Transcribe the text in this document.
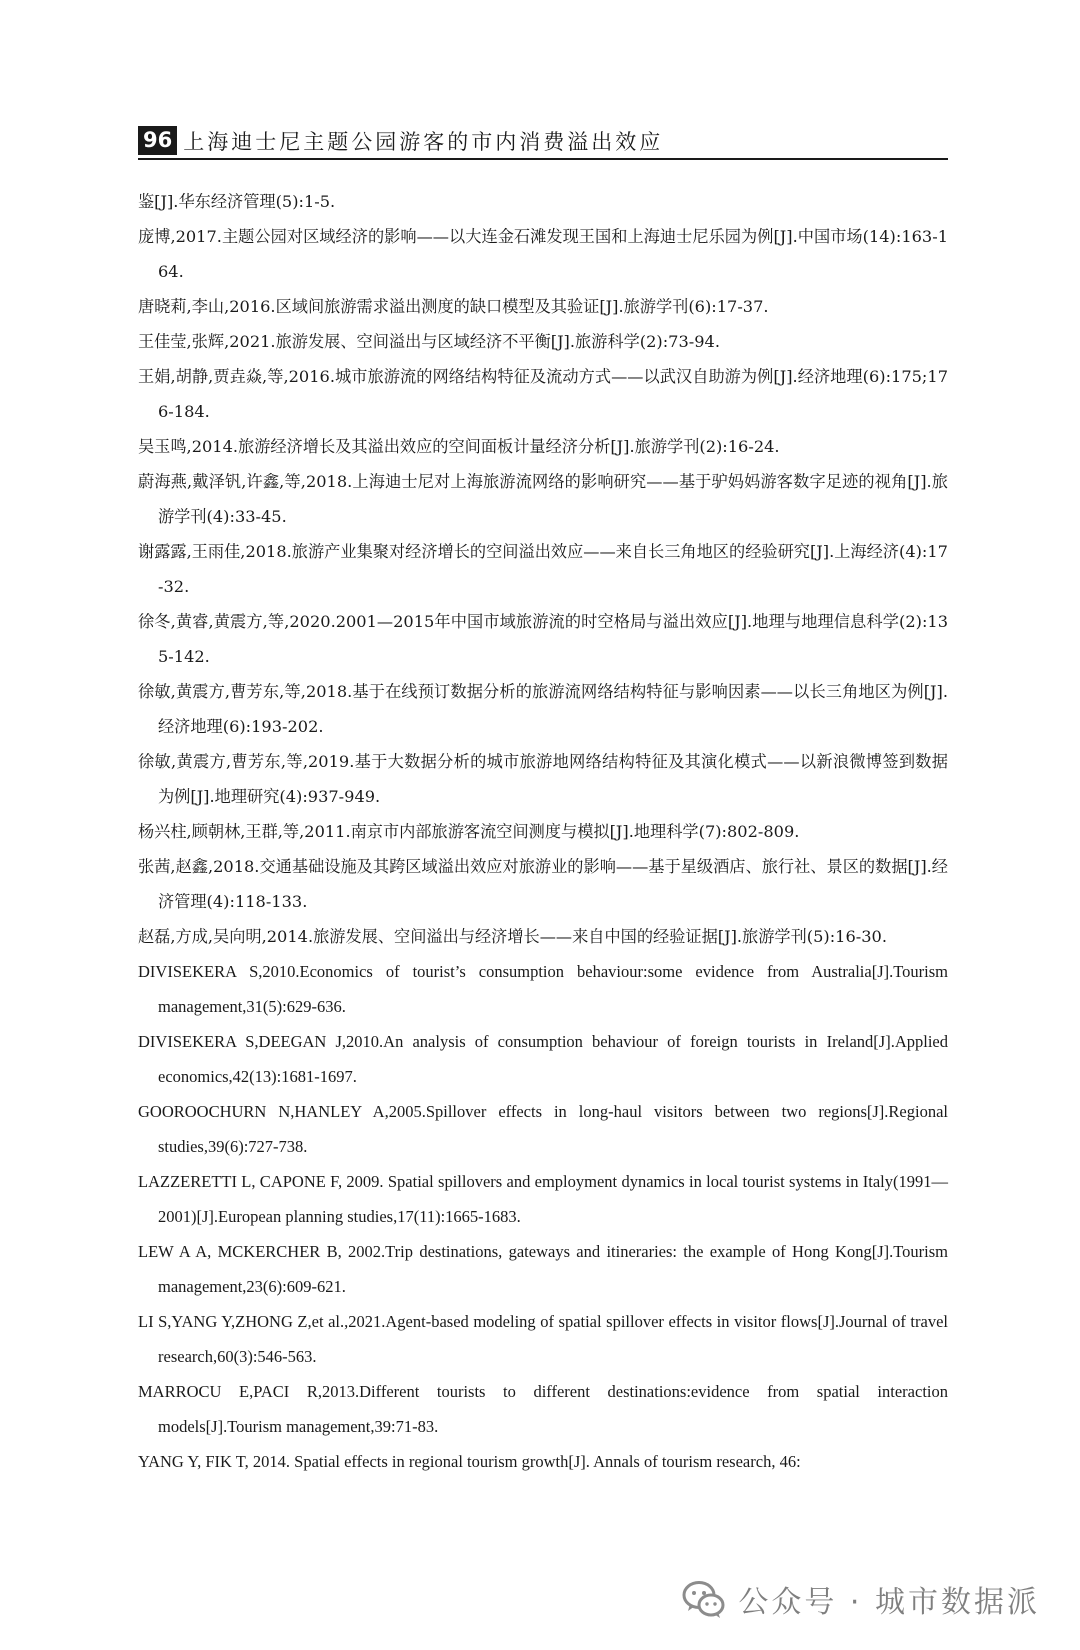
96 上海迪士尼主题公园游客的市内消费溢出效应

鉴[J].华东经济管理(5):1-5.

庞博,2017.主题公园对区域经济的影响——以大连金石滩发现王国和上海迪士尼乐园为例[J].中国市场(14):163-164.

唐晓莉,李山,2016.区域间旅游需求溢出测度的缺口模型及其验证[J].旅游学刊(6):17-37.

王佳莹,张辉,2021.旅游发展、空间溢出与区域经济不平衡[J].旅游科学(2):73-94.

王娟,胡静,贾垚焱,等,2016.城市旅游流的网络结构特征及流动方式——以武汉自助游为例[J].经济地理(6):175;176-184.

吴玉鸣,2014.旅游经济增长及其溢出效应的空间面板计量经济分析[J].旅游学刊(2):16-24.

蔚海燕,戴泽钒,许鑫,等,2018.上海迪士尼对上海旅游流网络的影响研究——基于驴妈妈游客数字足迹的视角[J].旅游学刊(4):33-45.

谢露露,王雨佳,2018.旅游产业集聚对经济增长的空间溢出效应——来自长三角地区的经验研究[J].上海经济(4):17-32.

徐冬,黄睿,黄震方,等,2020.2001—2015年中国市域旅游流的时空格局与溢出效应[J].地理与地理信息科学(2):135-142.

徐敏,黄震方,曹芳东,等,2018.基于在线预订数据分析的旅游流网络结构特征与影响因素——以长三角地区为例[J].经济地理(6):193-202.

徐敏,黄震方,曹芳东,等,2019.基于大数据分析的城市旅游地网络结构特征及其演化模式——以新浪微博签到数据为例[J].地理研究(4):937-949.

杨兴柱,顾朝林,王群,等,2011.南京市内部旅游客流空间测度与模拟[J].地理科学(7):802-809.

张茜,赵鑫,2018.交通基础设施及其跨区域溢出效应对旅游业的影响——基于星级酒店、旅行社、景区的数据[J].经济管理(4):118-133.

赵磊,方成,吴向明,2014.旅游发展、空间溢出与经济增长——来自中国的经验证据[J].旅游学刊(5):16-30.

DIVISEKERA S,2010.Economics of tourist’s consumption behaviour:some evidence from Australia[J].Tourism management,31(5):629-636.

DIVISEKERA S,DEEGAN J,2010.An analysis of consumption behaviour of foreign tourists in Ireland[J].Applied economics,42(13):1681-1697.

GOOROOCHURN N,HANLEY A,2005.Spillover effects in long-haul visitors between two regions[J].Regional studies,39(6):727-738.

LAZZERETTI L, CAPONE F, 2009. Spatial spillovers and employment dynamics in local tourist systems in Italy(1991—2001)[J].European planning studies,17(11):1665-1683.

LEW A A, MCKERCHER B, 2002.Trip destinations, gateways and itineraries: the example of Hong Kong[J].Tourism management,23(6):609-621.

LI S,YANG Y,ZHONG Z,et al.,2021.Agent-based modeling of spatial spillover effects in visitor flows[J].Journal of travel research,60(3):546-563.

MARROCU E,PACI R,2013.Different tourists to different destinations:evidence from spatial interaction models[J].Tourism management,39:71-83.

YANG Y, FIK T, 2014. Spatial effects in regional tourism growth[J]. Annals of tourism research, 46:

公众号 · 城市数据派
